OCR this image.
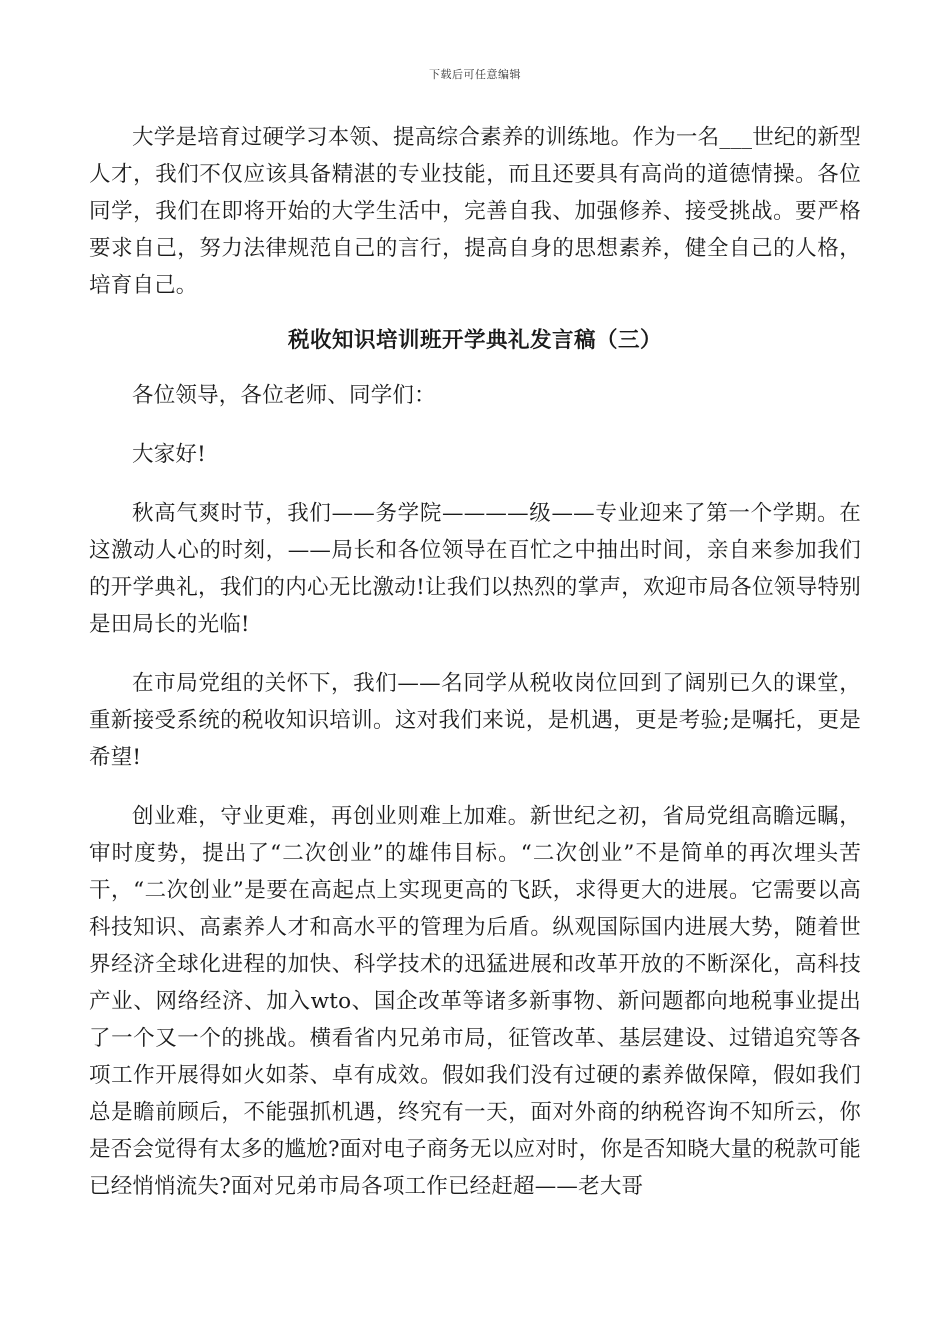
下载后可任意编辑

大学是培育过硬学习本领、提高综合素养的训练地。作为一名___世纪的新型人才，我们不仅应该具备精湛的专业技能，而且还要具有高尚的道德情操。各位同学，我们在即将开始的大学生活中，完善自我、加强修养、接受挑战。要严格要求自己，努力法律规范自己的言行，提高自身的思想素养，健全自己的人格，培育自己。

税收知识培训班开学典礼发言稿（三）

各位领导，各位老师、同学们：

大家好!

秋高气爽时节，我们——务学院————级——专业迎来了第一个学期。在这激动人心的时刻，——局长和各位领导在百忙之中抽出时间，亲自来参加我们的开学典礼，我们的内心无比激动!让我们以热烈的掌声，欢迎市局各位领导特别是田局长的光临!

在市局党组的关怀下，我们——名同学从税收岗位回到了阔别已久的课堂，重新接受系统的税收知识培训。这对我们来说，是机遇，更是考验;是嘱托，更是希望!

创业难，守业更难，再创业则难上加难。新世纪之初，省局党组高瞻远瞩，审时度势，提出了“二次创业”的雄伟目标。“二次创业”不是简单的再次埋头苦干，“二次创业”是要在高起点上实现更高的飞跃，求得更大的进展。它需要以高科技知识、高素养人才和高水平的管理为后盾。纵观国际国内进展大势，随着世界经济全球化进程的加快、科学技术的迅猛进展和改革开放的不断深化，高科技产业、网络经济、加入wto、国企改革等诸多新事物、新问题都向地税事业提出了一个又一个的挑战。横看省内兄弟市局，征管改革、基层建设、过错追究等各项工作开展得如火如荼、卓有成效。假如我们没有过硬的素养做保障，假如我们总是瞻前顾后，不能强抓机遇，终究有一天，面对外商的纳税咨询不知所云，你是否会觉得有太多的尴尬?面对电子商务无以应对时，你是否知晓大量的税款可能已经悄悄流失?面对兄弟市局各项工作已经赶超——老大哥
